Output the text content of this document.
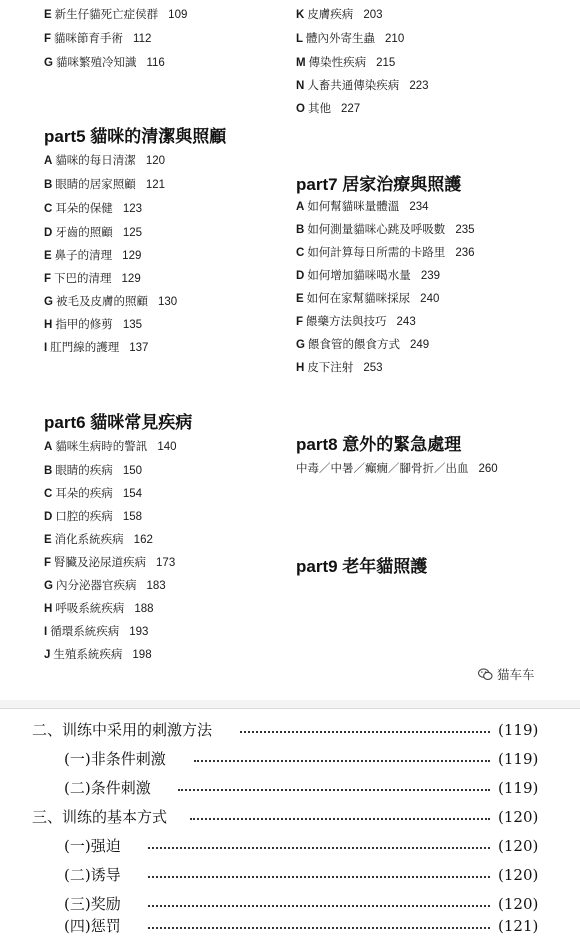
E 新生仔貓死亡症侯群 109
F 貓咪節育手術 112
G 貓咪繁殖冷知識 116
part5 貓咪的清潔與照顧
A 貓咪的每日清潔 120
B 眼睛的居家照顧 121
C 耳朵的保健 123
D 牙齒的照顧 125
E 鼻子的清理 129
F 下巴的清理 129
G 被毛及皮膚的照顧 130
H 指甲的修剪 135
I 肛門線的護理 137
part6 貓咪常見疾病
A 貓咪生病時的警訊 140
B 眼睛的疾病 150
C 耳朵的疾病 154
D 口腔的疾病 158
E 消化系統疾病 162
F 腎臟及泌尿道疾病 173
G 內分泌器官疾病 183
H 呼吸系統疾病 188
I 循環系統疾病 193
J 生殖系統疾病 198
K 皮膚疾病 203
L 體內外寄生蟲 210
M 傳染性疾病 215
N 人畜共通傳染疾病 223
O 其他 227
part7 居家治療與照護
A 如何幫貓咪量體溫 234
B 如何測量貓咪心跳及呼吸數 235
C 如何計算每日所需的卡路里 236
D 如何增加貓咪喝水量 239
E 如何在家幫貓咪採尿 240
F 餵藥方法與技巧 243
G 餵食管的餵食方式 249
H 皮下注射 253
part8 意外的緊急處理
中毒／中暑／癲癇／腳骨折／出血 260
part9 老年貓照護
猫车车
二、训练中采用的刺激方法	(119)
(一)非条件刺激	(119)
(二)条件刺激	(119)
三、训练的基本方式	(120)
(一)强迫	(120)
(二)诱导	(120)
(三)奖励	(120)
(四)惩罚	(121)
